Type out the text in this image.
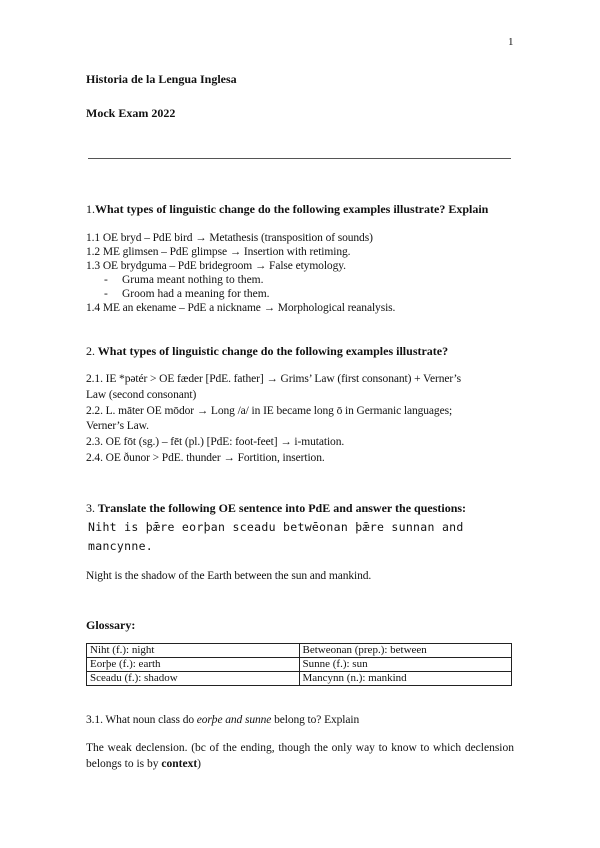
1
Historia de la Lengua Inglesa
Mock Exam 2022
1.What types of linguistic change do the following examples illustrate? Explain
1.1 OE bryd – PdE bird → Metathesis (transposition of sounds)
1.2 ME glimsen – PdE glimpse → Insertion with retiming.
1.3 OE brydguma – PdE bridegroom → False etymology.
- Gruma meant nothing to them.
- Groom had a meaning for them.
1.4 ME an ekename – PdE a nickname → Morphological reanalysis.
2. What types of linguistic change do the following examples illustrate?
2.1. IE *pətér > OE fæder [PdE. father] → Grims’ Law (first consonant) + Verner’s
Law (second consonant)
2.2. L. māter OE mōdor → Long /a/ in IE became long ō in Germanic languages;
Verner’s Law.
2.3. OE fōt (sg.) – fēt (pl.) [PdE: foot-feet] → i-mutation.
2.4. OE ðunor > PdE. thunder → Fortition, insertion.
3. Translate the following OE sentence into PdE and answer the questions:
Niht is þǣre eorþan sceadu betwēonan þǣre sunnan and mancynne.
Night is the shadow of the Earth between the sun and mankind.
Glossary:
Niht (f.): night	Betweonan (prep.): between
Eorþe (f.): earth	Sunne (f.): sun
Sceadu (f.): shadow	Mancynn (n.): mankind
3.1. What noun class do eorþe and sunne belong to? Explain
The weak declension. (bc of the ending, though the only way to know to which declension belongs to is by context)
